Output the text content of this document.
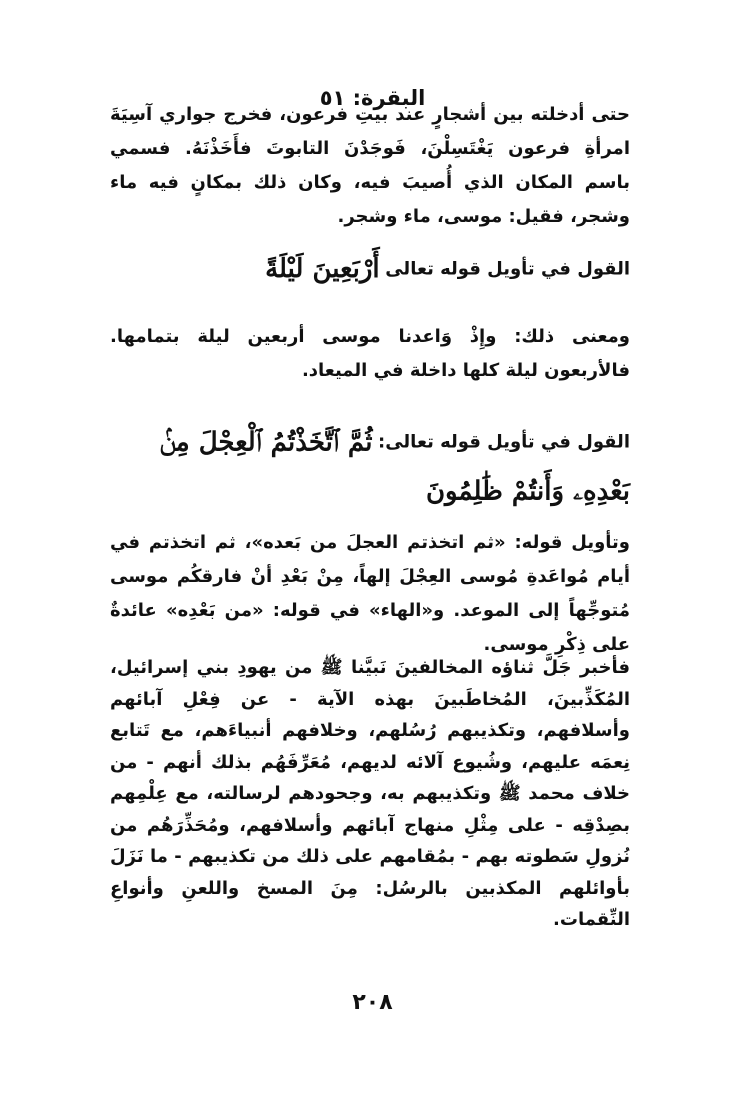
البقرة: ٥١

حتى أدخلته بين أشجارٍ عند بيتِ فرعون، فخرج جواري آسِيَةَ امرأةِ فرعون يَغْتَسِلْنَ، فَوجَدْنَ التابوتَ فأَخَذْنَهُ. فسمي باسم المكان الذي أُصيبَ فيه، وكان ذلك بمكانٍ فيه ماء وشجر، فقيل: موسى، ماء وشجر.

القول في تأويل قوله تعالى أَرْبَعِينَ لَيْلَةً

ومعنى ذلك: وإِذْ وَاعدنا موسى أربعين ليلة بتمامها. فالأربعون ليلة كلها داخلة في الميعاد.

القول في تأويل قوله تعالى: ثُمَّ ٱتَّخَذْتُمُ ٱلْعِجْلَ مِنۢ بَعْدِهِۦ وَأَنتُمْ ظَٰلِمُونَ

وتأويل قوله: «ثم اتخذتم العجلَ من بَعده»، ثم اتخذتم في أيام مُواعَدةِ مُوسى العِجْلَ إلهاً، مِنْ بَعْدِ أنْ فارقكُم موسى مُتوجِّهاً إلى الموعد. و«الهاء» في قوله: «من بَعْدِه» عائدةٌ على ذِكْرِ موسى.

فأخبر جَلَّ ثناؤه المخالفينَ نَبيَّنا ﷺ من يهودِ بني إسرائيل، المُكَذِّبينَ، المُخاطَبينَ بهذه الآية - عن فِعْلِ آبائهم وأسلافهم، وتكذيبهم رُسُلهم، وخلافهم أنبياءَهم، مع تَتابع نِعمَه عليهم، وشُيوع آلائه لديهم، مُعَرِّفَهُم بذلك أنهم - من خلاف محمد ﷺ وتكذيبهم به، وجحودهم لرسالته، مع عِلْمِهم بصِدْقِه - على مِثْلِ منهاج آبائهم وأسلافهم، ومُحَذِّرَهُم من نُزولِ سَطوته بهم - بمُقامهم على ذلك من تكذيبهم - ما نَزَلَ بأوائلهم المكذبين بالرسُل: مِنَ المسخ واللعنِ وأنواعِ النِّقمات.

٢٠٨
